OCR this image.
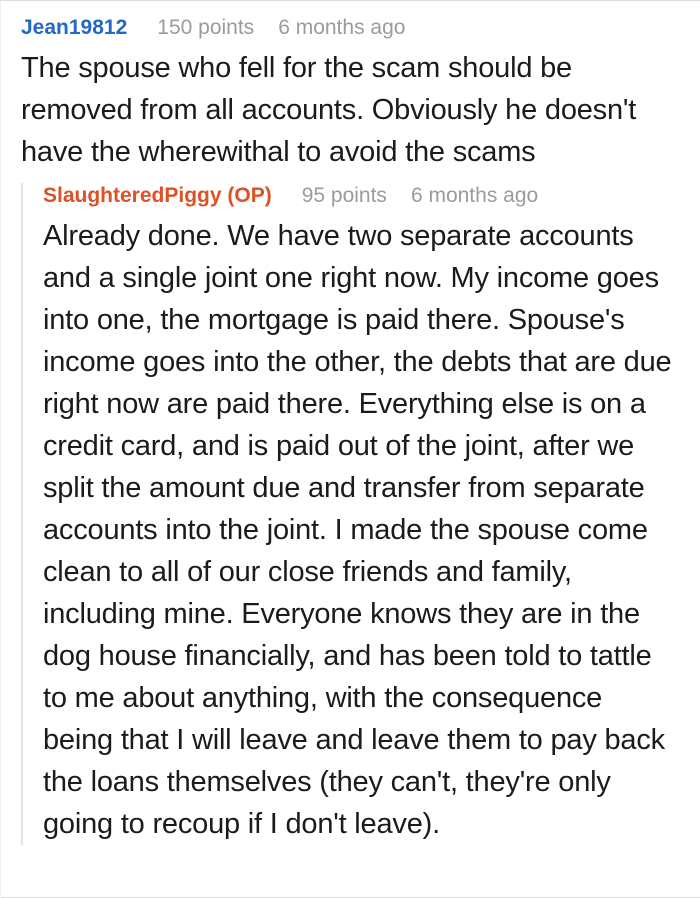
Jean19812 150 points 6 months ago

The spouse who fell for the scam should be removed from all accounts. Obviously he doesn't have the wherewithal to avoid the scams

SlaughteredPiggy (OP) 95 points 6 months ago

Already done. We have two separate accounts and a single joint one right now. My income goes into one, the mortgage is paid there. Spouse's income goes into the other, the debts that are due right now are paid there. Everything else is on a credit card, and is paid out of the joint, after we split the amount due and transfer from separate accounts into the joint. I made the spouse come clean to all of our close friends and family, including mine. Everyone knows they are in the dog house financially, and has been told to tattle to me about anything, with the consequence being that I will leave and leave them to pay back the loans themselves (they can't, they're only going to recoup if I don't leave).
